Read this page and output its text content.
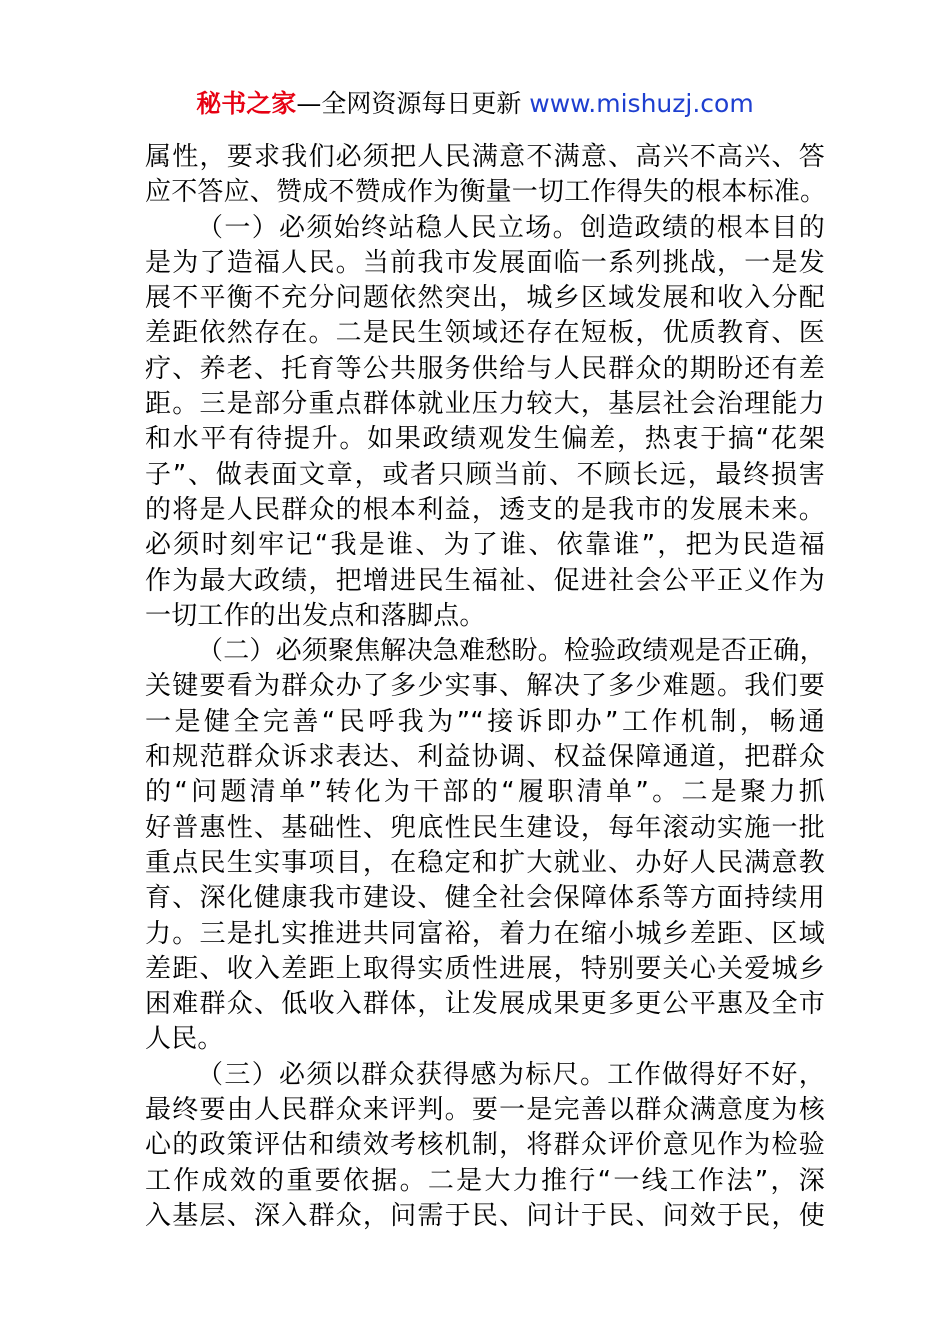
秘书之家—全网资源每日更新 www.mishuzj.com
属性，要求我们必须把人民满意不满意、高兴不高兴、答
应不答应、赞成不赞成作为衡量一切工作得失的根本标准。
（一）必须始终站稳人民立场。创造政绩的根本目的
是为了造福人民。当前我市发展面临一系列挑战，一是发
展不平衡不充分问题依然突出，城乡区域发展和收入分配
差距依然存在。二是民生领域还存在短板，优质教育、医
疗、养老、托育等公共服务供给与人民群众的期盼还有差
距。三是部分重点群体就业压力较大，基层社会治理能力
和水平有待提升。如果政绩观发生偏差，热衷于搞“花架
子”、做表面文章，或者只顾当前、不顾长远，最终损害
的将是人民群众的根本利益，透支的是我市的发展未来。
必须时刻牢记“我是谁、为了谁、依靠谁”，把为民造福
作为最大政绩，把增进民生福祉、促进社会公平正义作为
一切工作的出发点和落脚点。
（二）必须聚焦解决急难愁盼。检验政绩观是否正确，
关键要看为群众办了多少实事、解决了多少难题。我们要
一是健全完善“民呼我为”“接诉即办”工作机制，畅通
和规范群众诉求表达、利益协调、权益保障通道，把群众
的“问题清单”转化为干部的“履职清单”。二是聚力抓
好普惠性、基础性、兜底性民生建设，每年滚动实施一批
重点民生实事项目，在稳定和扩大就业、办好人民满意教
育、深化健康我市建设、健全社会保障体系等方面持续用
力。三是扎实推进共同富裕，着力在缩小城乡差距、区域
差距、收入差距上取得实质性进展，特别要关心关爱城乡
困难群众、低收入群体，让发展成果更多更公平惠及全市
人民。
（三）必须以群众获得感为标尺。工作做得好不好，
最终要由人民群众来评判。要一是完善以群众满意度为核
心的政策评估和绩效考核机制，将群众评价意见作为检验
工作成效的重要依据。二是大力推行“一线工作法”，深
入基层、深入群众，问需于民、问计于民、问效于民，使
